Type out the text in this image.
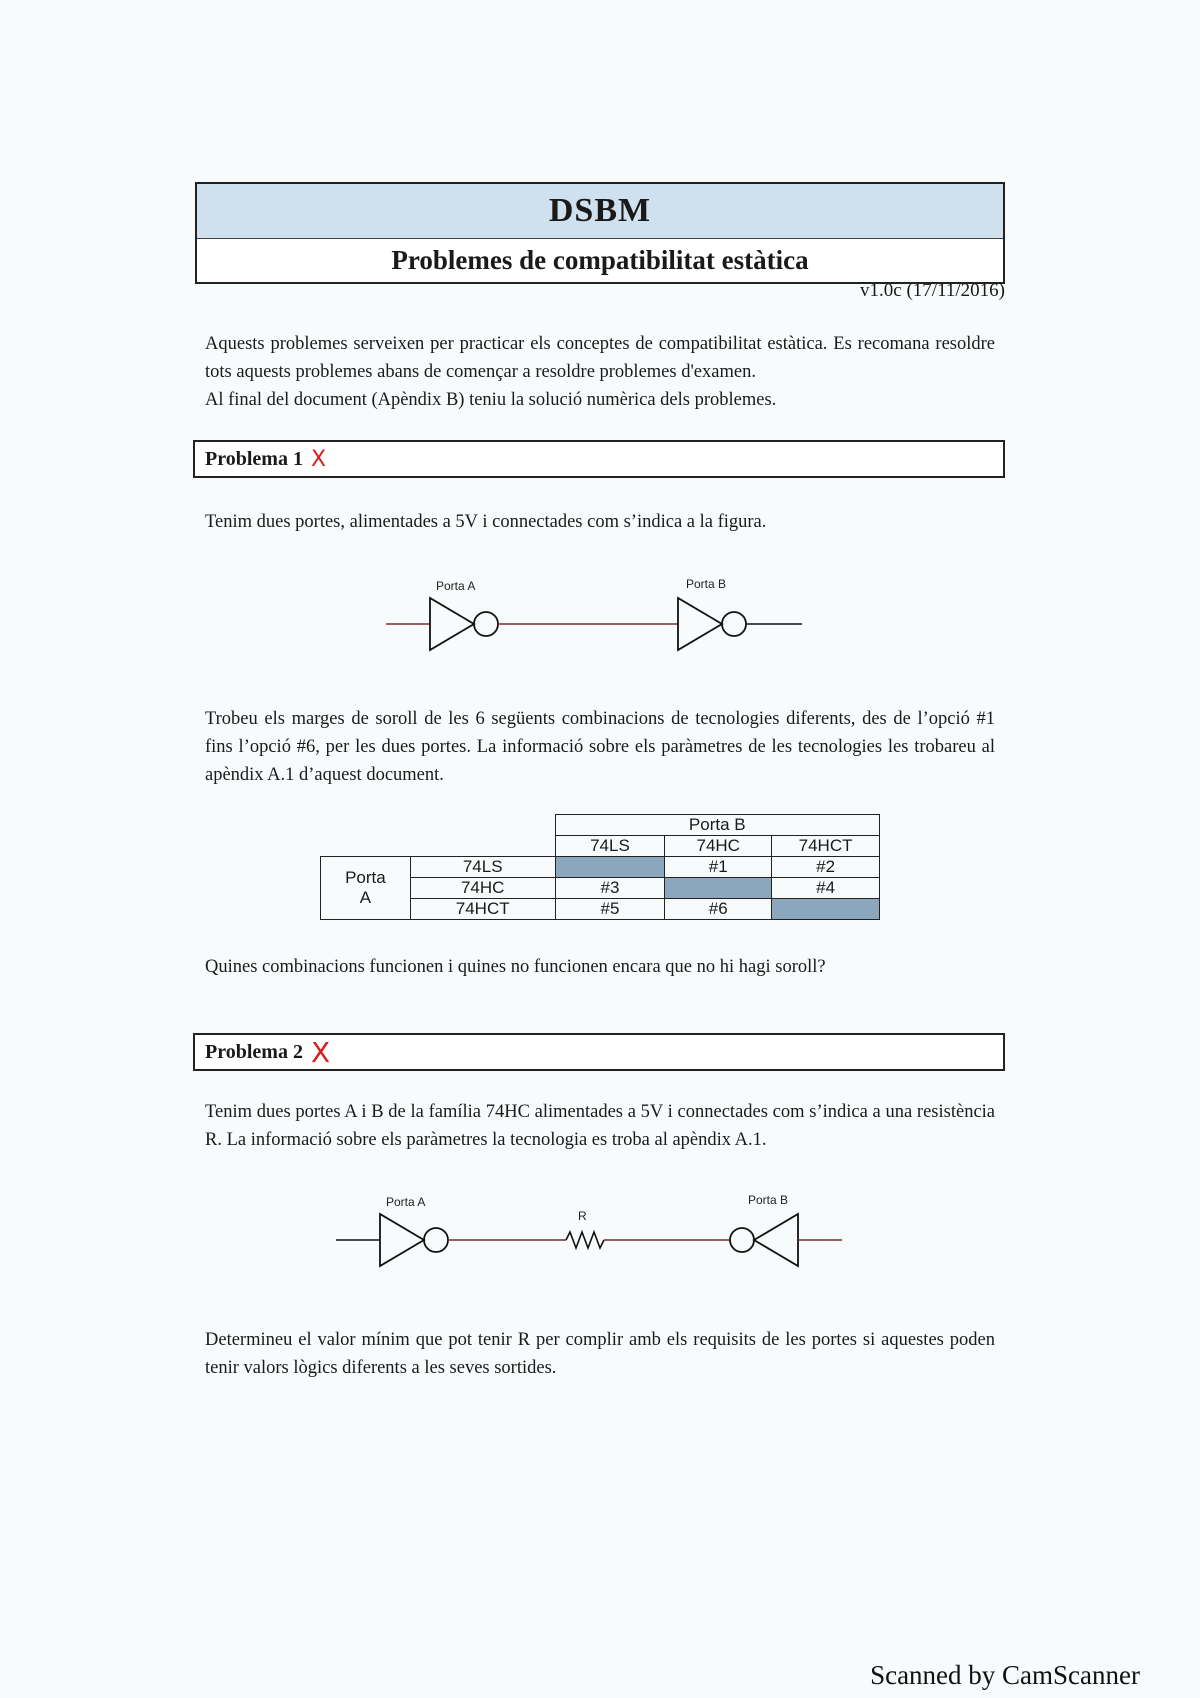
DSBM
Problemes de compatibilitat estàtica
v1.0c (17/11/2016)
Aquests problemes serveixen per practicar els conceptes de compatibilitat estàtica. Es recomana resoldre tots aquests problemes abans de començar a resoldre problemes d'examen.
Al final del document (Apèndix B) teniu la solució numèrica dels problemes.
Problema 1 X
Tenim dues portes, alimentades a 5V i connectades com s’indica a la figura.
Porta A	Porta B
Trobeu els marges de soroll de les 6 següents combinacions de tecnologies diferents, des de l’opció #1 fins l’opció #6, per les dues portes. La informació sobre els paràmetres de les tecnologies les trobareu al apèndix A.1 d’aquest document.
		Porta B		
		74LS	74HC	74HCT

Porta
A	74LS		#1	#2
	74HC	#3		#4
	74HCT	#5	#6	
Quines combinacions funcionen i quines no funcionen encara que no hi hagi soroll?
Problema 2 X
Tenim dues portes A i B de la família 74HC alimentades a 5V i connectades com s’indica a una resistència R. La informació sobre els paràmetres la tecnologia es troba al apèndix A.1.
Porta A
R
Porta B
Determineu el valor mínim que pot tenir R per complir amb els requisits de les portes si aquestes poden tenir valors lògics diferents a les seves sortides.
Scanned by CamScanner
